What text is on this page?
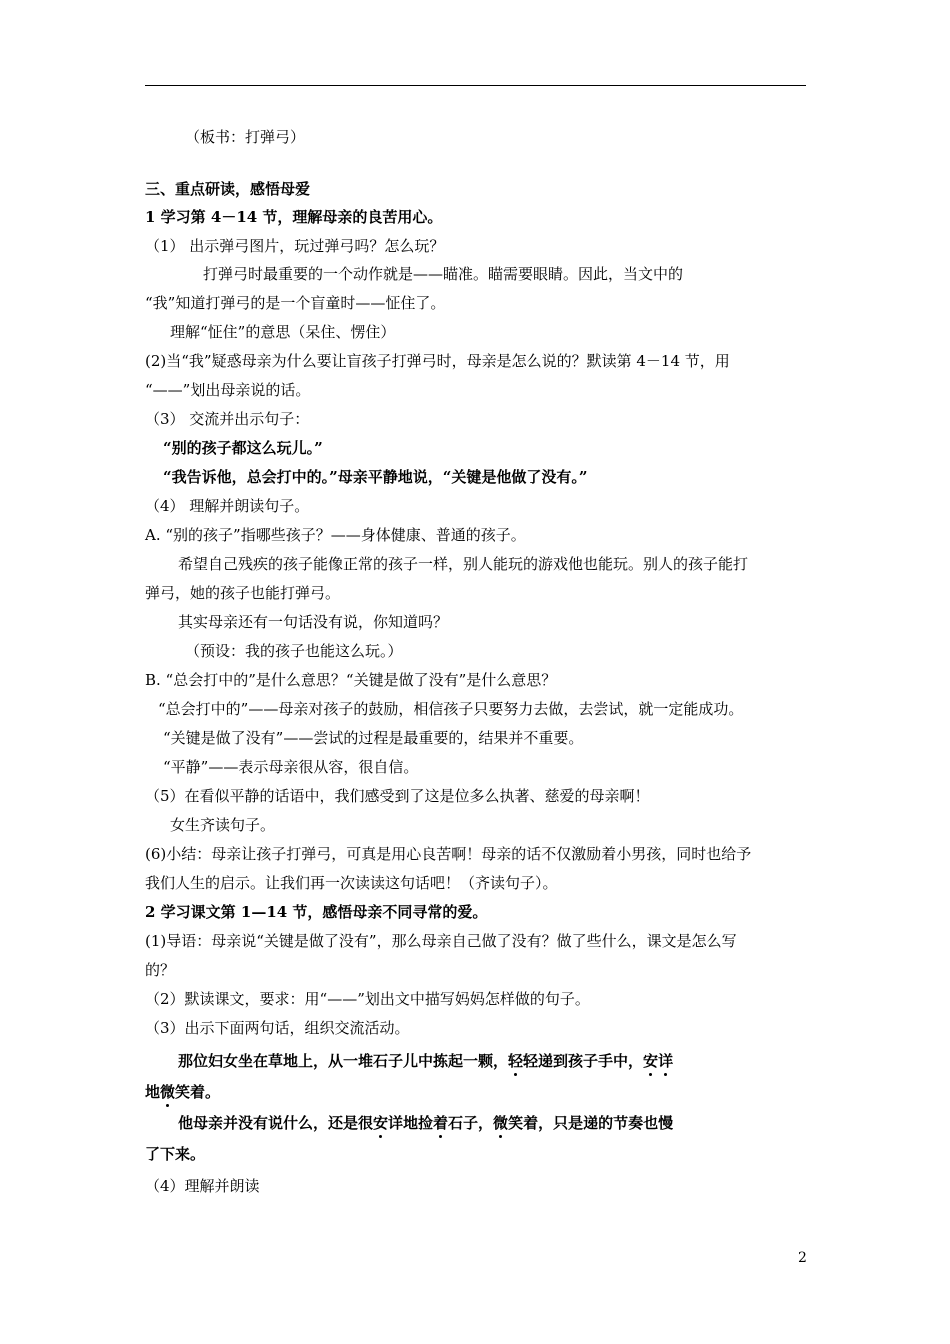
（板书：打弹弓）
三、重点研读，感悟母爱
1 学习第 4－14 节，理解母亲的良苦用心。
（1） 出示弹弓图片，玩过弹弓吗？怎么玩？
打弹弓时最重要的一个动作就是——瞄准。瞄需要眼睛。因此，当文中的
“我”知道打弹弓的是一个盲童时——怔住了。
理解“怔住”的意思（呆住、愣住）
(2)当“我”疑惑母亲为什么要让盲孩子打弹弓时，母亲是怎么说的？默读第 4－14 节，用
“——”划出母亲说的话。
（3） 交流并出示句子：
“别的孩子都这么玩儿。”
“我告诉他，总会打中的。”母亲平静地说，“关键是他做了没有。”
（4） 理解并朗读句子。
A. “别的孩子”指哪些孩子？——身体健康、普通的孩子。
希望自己残疾的孩子能像正常的孩子一样，别人能玩的游戏他也能玩。别人的孩子能打
弹弓，她的孩子也能打弹弓。
其实母亲还有一句话没有说，你知道吗？
（预设：我的孩子也能这么玩。）
B. “总会打中的”是什么意思？“关键是做了没有”是什么意思？
“总会打中的”——母亲对孩子的鼓励，相信孩子只要努力去做，去尝试，就一定能成功。
“关键是做了没有”——尝试的过程是最重要的，结果并不重要。
“平静”——表示母亲很从容，很自信。
（5）在看似平静的话语中，我们感受到了这是位多么执著、慈爱的母亲啊！
女生齐读句子。
(6)小结：母亲让孩子打弹弓，可真是用心良苦啊！母亲的话不仅激励着小男孩，同时也给予
我们人生的启示。让我们再一次读读这句话吧！（齐读句子）。
2 学习课文第 1—14 节，感悟母亲不同寻常的爱。
(1)导语：母亲说“关键是做了没有”，那么母亲自己做了没有？做了些什么，课文是怎么写
的？
（2）默读课文，要求：用“——”划出文中描写妈妈怎样做的句子。
（3）出示下面两句话，组织交流活动。
那位妇女坐在草地上，从一堆石子儿中拣起一颗，轻轻递到孩子手中，安详
地微笑着。
他母亲并没有说什么，还是很安详地捡着石子，微笑着，只是递的节奏也慢
了下来。
（4）理解并朗读
2
